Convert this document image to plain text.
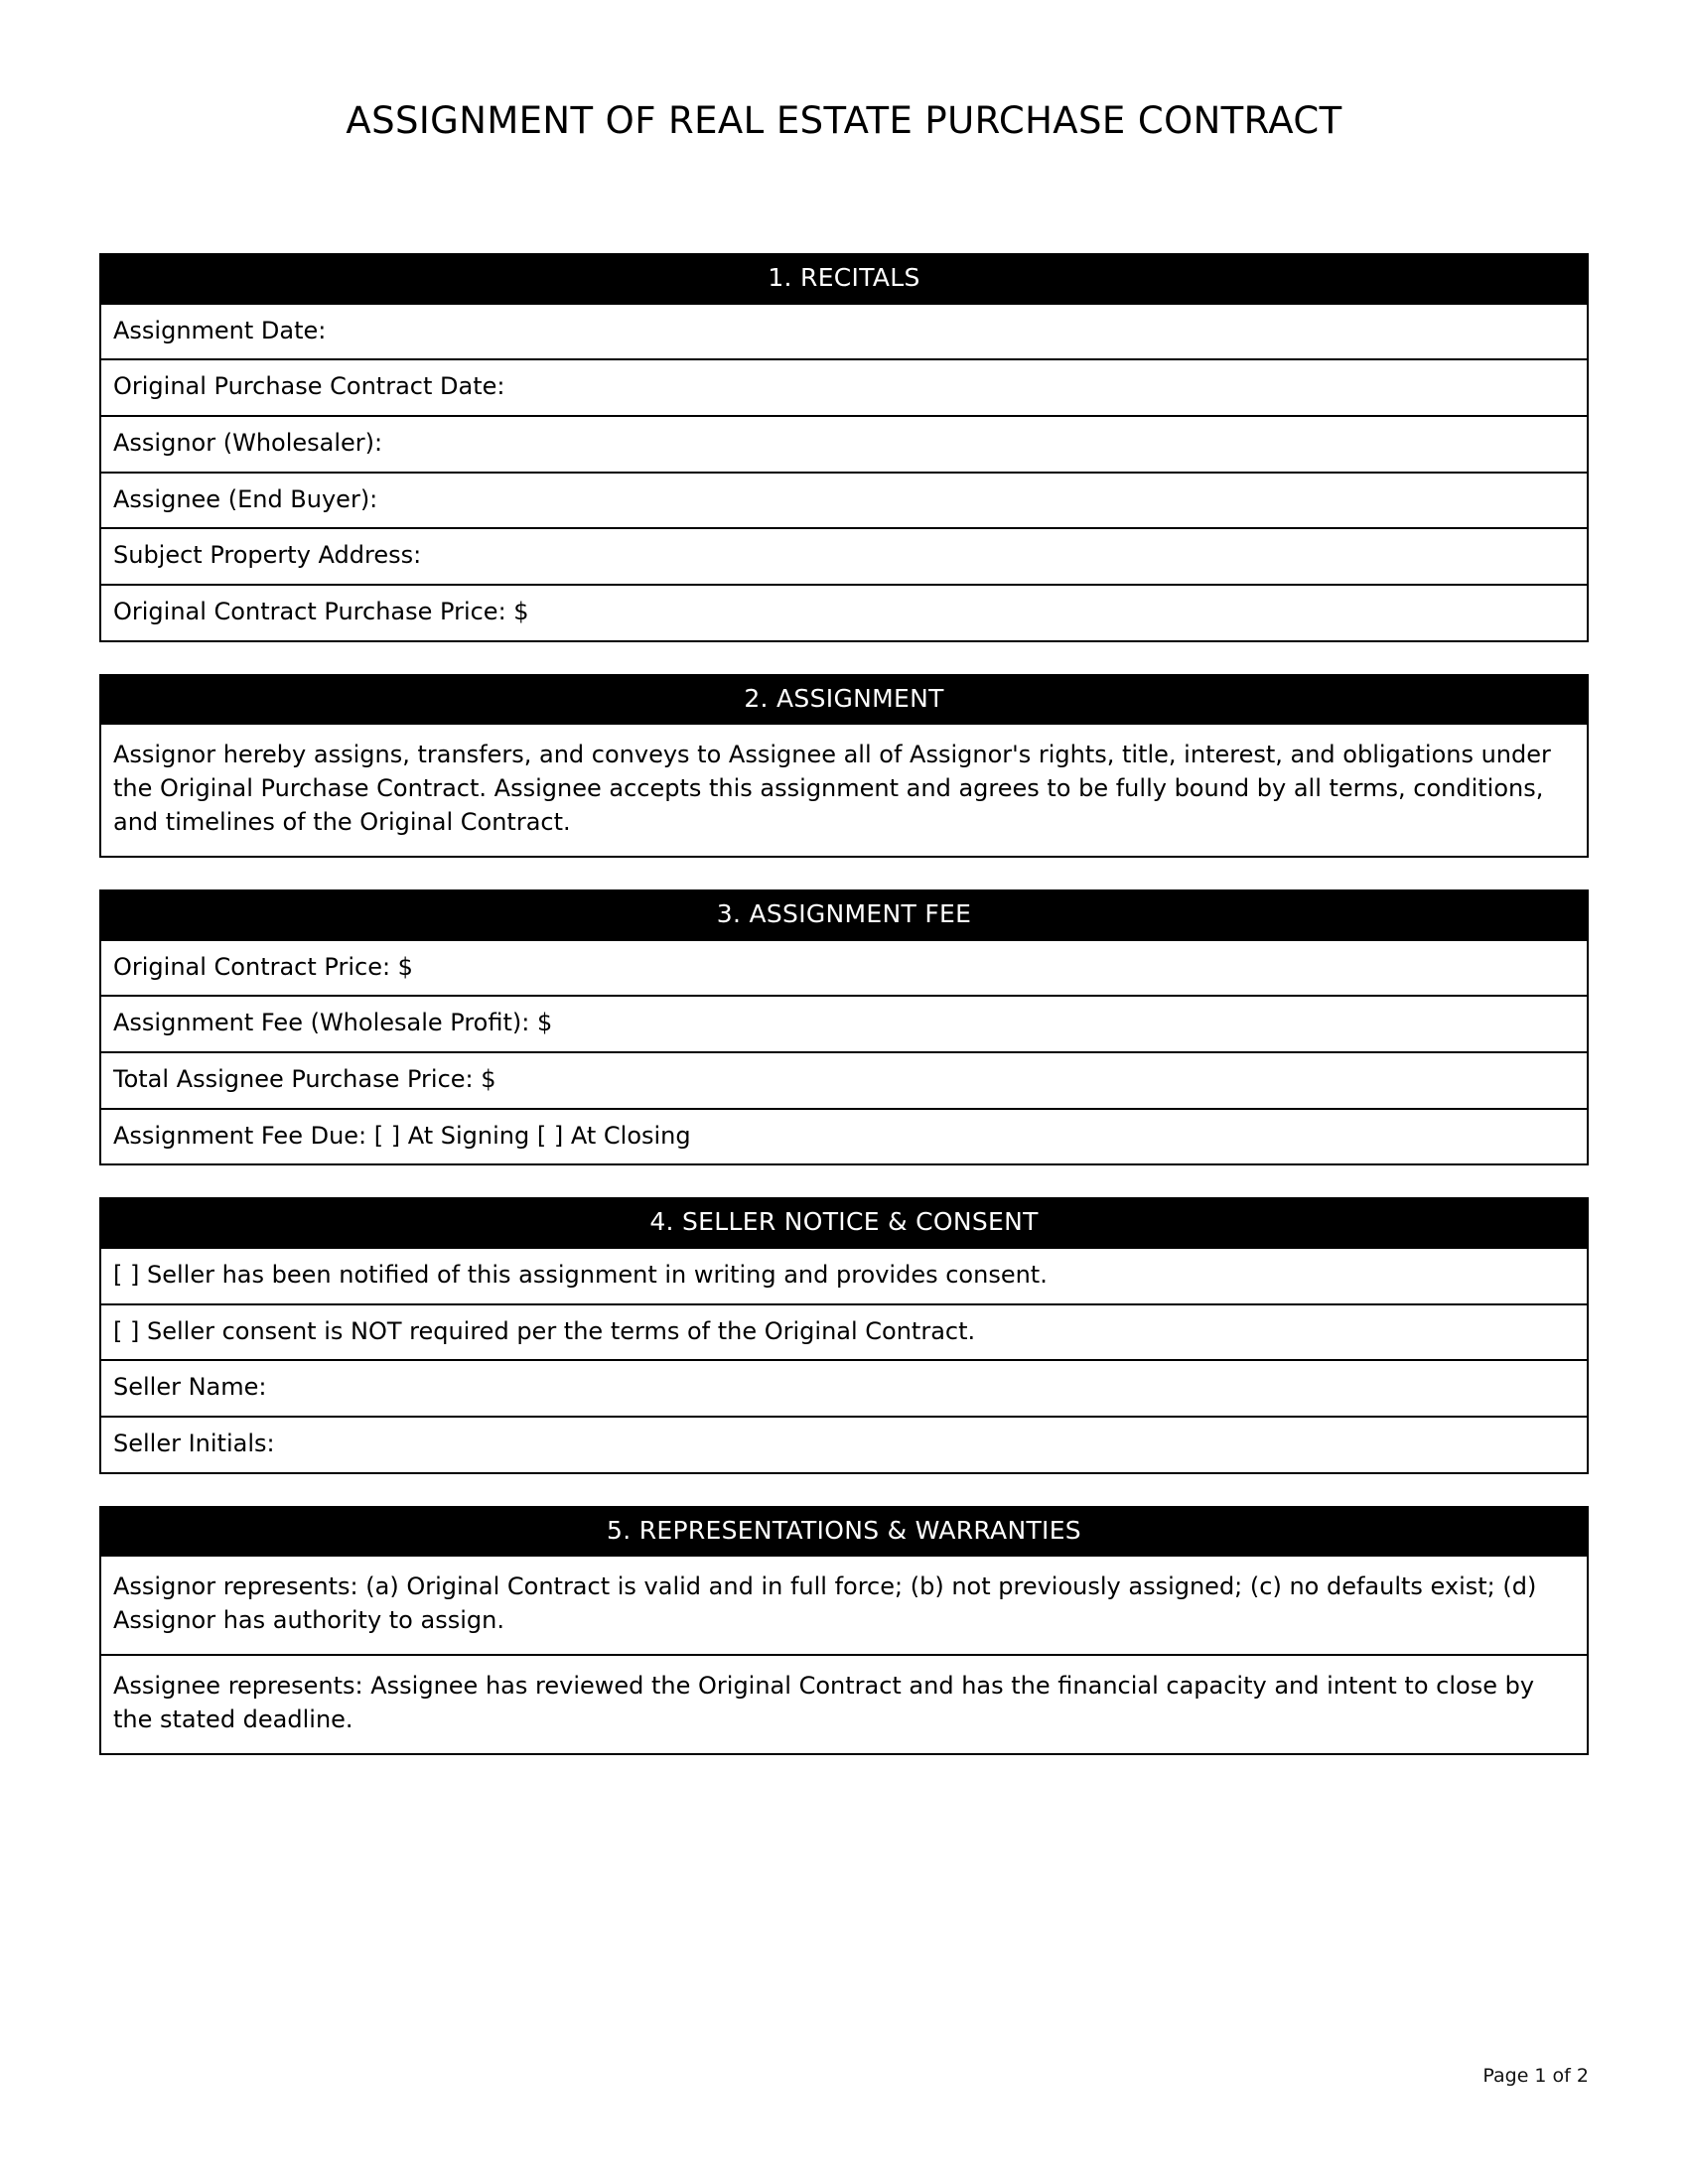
ASSIGNMENT OF REAL ESTATE PURCHASE CONTRACT
1. RECITALS
Assignment Date:
Original Purchase Contract Date:
Assignor (Wholesaler):
Assignee (End Buyer):
Subject Property Address:
Original Contract Purchase Price: $
2. ASSIGNMENT
Assignor hereby assigns, transfers, and conveys to Assignee all of Assignor's rights, title, interest, and obligations under the Original Purchase Contract. Assignee accepts this assignment and agrees to be fully bound by all terms, conditions, and timelines of the Original Contract.
3. ASSIGNMENT FEE
Original Contract Price: $
Assignment Fee (Wholesale Profit): $
Total Assignee Purchase Price: $
Assignment Fee Due: [ ] At Signing [ ] At Closing
4. SELLER NOTICE & CONSENT
[ ] Seller has been notified of this assignment in writing and provides consent.
[ ] Seller consent is NOT required per the terms of the Original Contract.
Seller Name:
Seller Initials:
5. REPRESENTATIONS & WARRANTIES
Assignor represents: (a) Original Contract is valid and in full force; (b) not previously assigned; (c) no defaults exist; (d) Assignor has authority to assign.
Assignee represents: Assignee has reviewed the Original Contract and has the financial capacity and intent to close by the stated deadline.
Page 1 of 2
